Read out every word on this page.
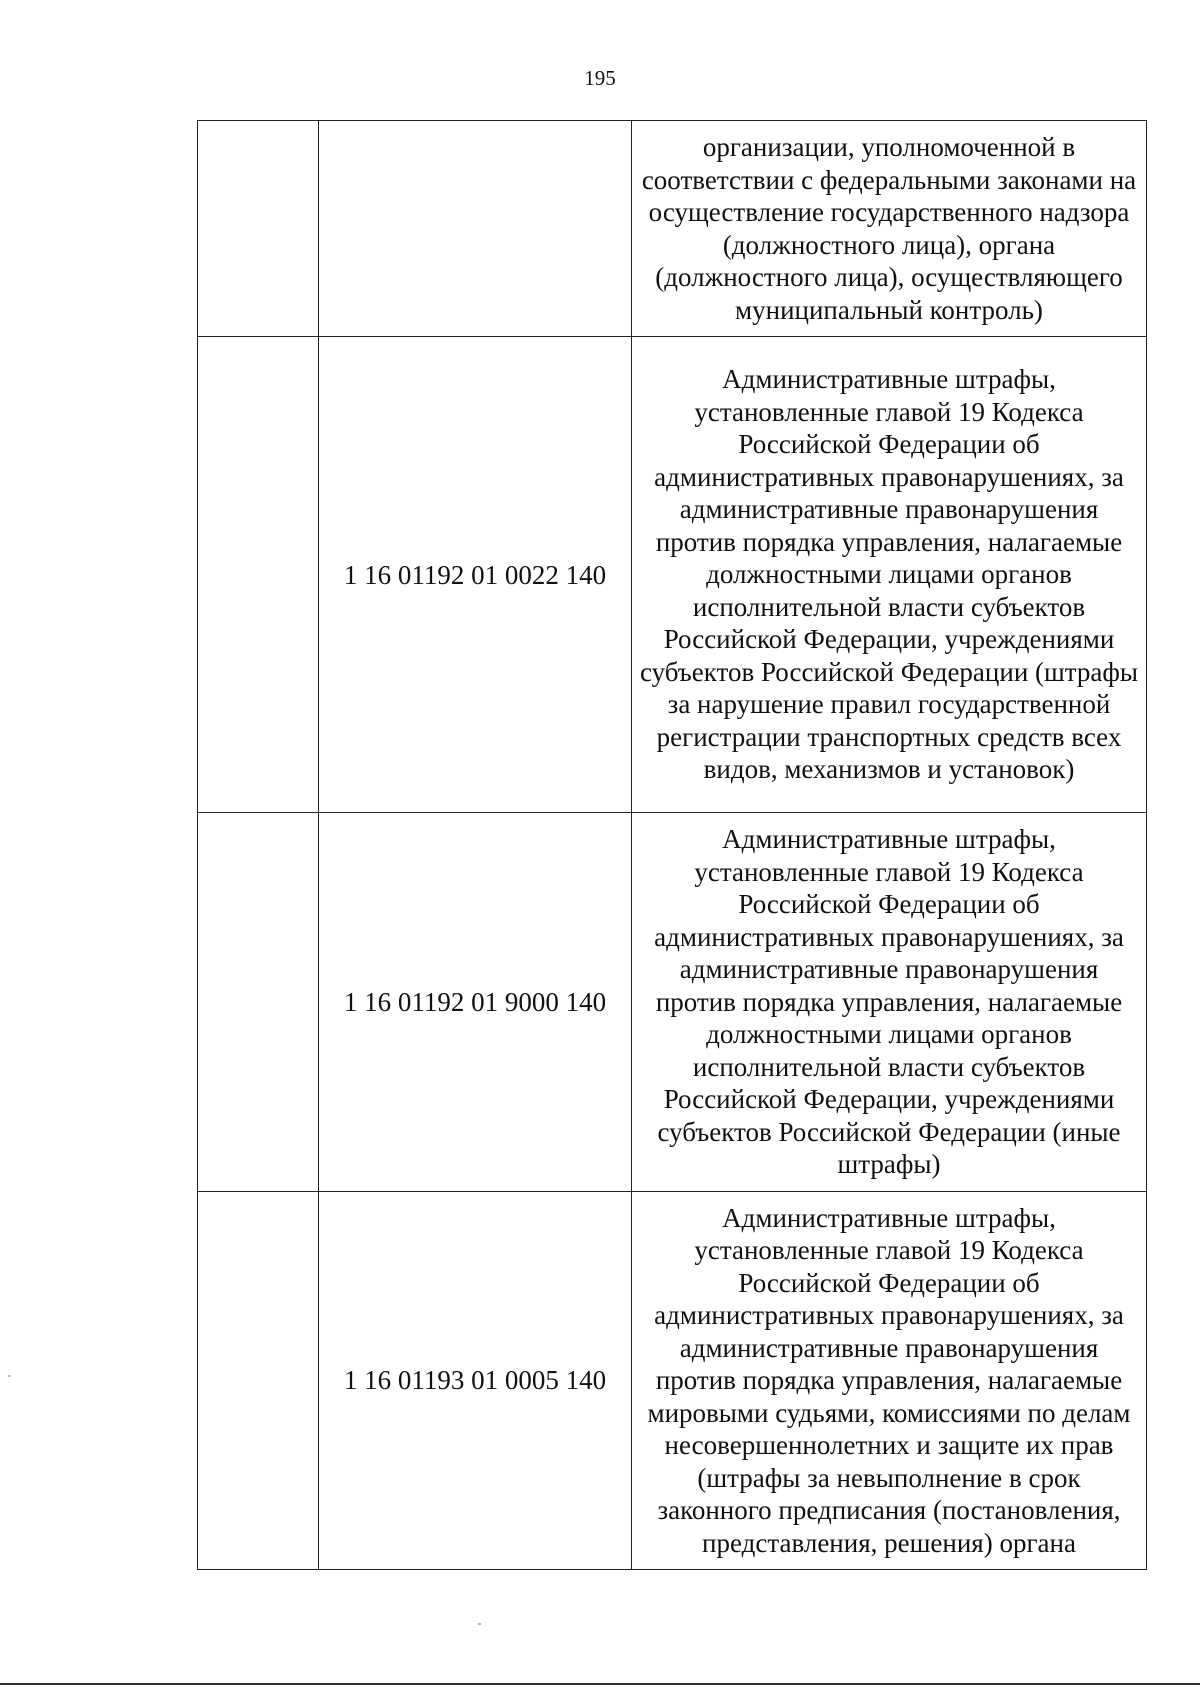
195
		организации, уполномоченной в соответствии с федеральными законами на осуществление государственного надзора (должностного лица), органа (должностного лица), осуществляющего муниципальный контроль)
	1 16 01192 01 0022 140	Административные штрафы, установленные главой 19 Кодекса Российской Федерации об административных правонарушениях, за административные правонарушения против порядка управления, налагаемые должностными лицами органов исполнительной власти субъектов Российской Федерации, учреждениями субъектов Российской Федерации (штрафы за нарушение правил государственной регистрации транспортных средств всех видов, механизмов и установок)
	1 16 01192 01 9000 140	Административные штрафы, установленные главой 19 Кодекса Российской Федерации об административных правонарушениях, за административные правонарушения против порядка управления, налагаемые должностными лицами органов исполнительной власти субъектов Российской Федерации, учреждениями субъектов Российской Федерации (иные штрафы)
	1 16 01193 01 0005 140	Административные штрафы, установленные главой 19 Кодекса Российской Федерации об административных правонарушениях, за административные правонарушения против порядка управления, налагаемые мировыми судьями, комиссиями по делам несовершеннолетних и защите их прав (штрафы за невыполнение в срок законного предписания (постановления, представления, решения) органа
